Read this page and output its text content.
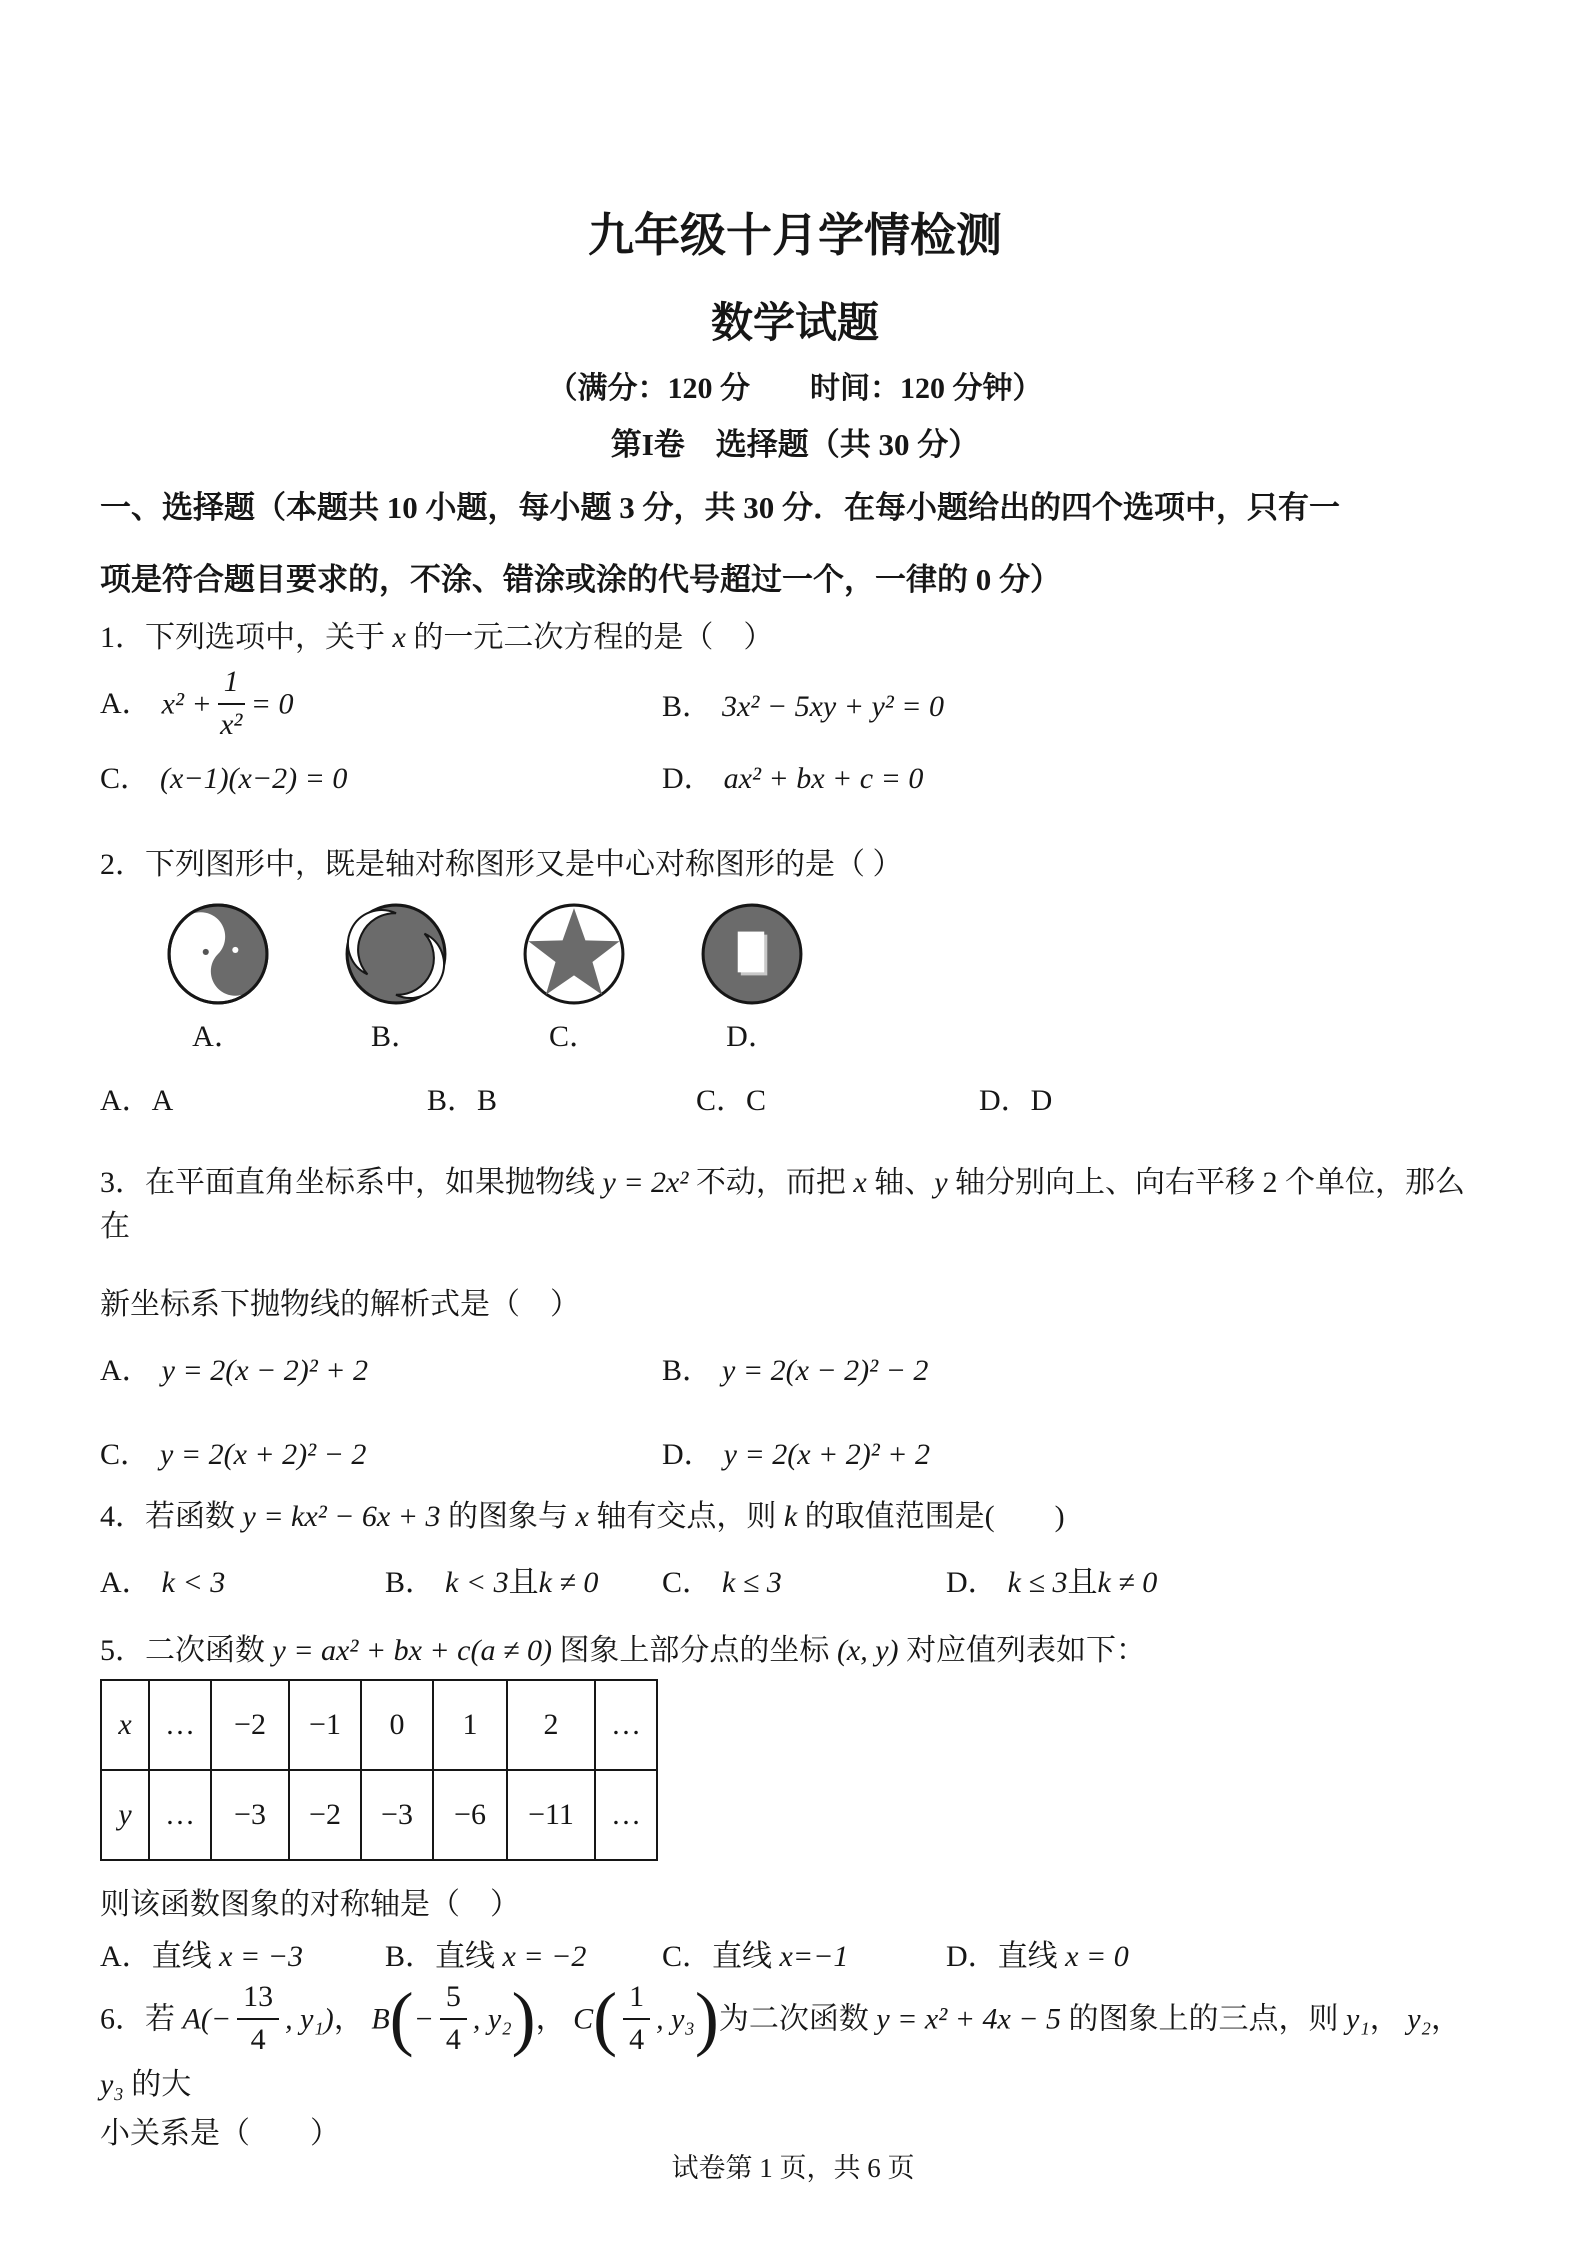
九年级十月学情检测
数学试题
（满分：120 分　　时间：120 分钟）
第I卷　选择题（共 30 分）
一、选择题（本题共 10 小题，每小题 3 分，共 30 分．在每小题给出的四个选项中，只有一
项是符合题目要求的，不涂、错涂或涂的代号超过一个，一律的 0 分）
1．下列选项中，关于 x 的一元二次方程的是（　）
A． $x^2 + \frac{1}{\text{x²}} = 0$	B． 3x² − 5xy + y² = 0
C． (x−1)(x−2) = 0	D． ax² + bx + c = 0
2．下列图形中，既是轴对称图形又是中心对称图形的是（ ）
A．	B．	C．	D．
A．A	B．B	C．C	D．D
3．在平面直角坐标系中，如果抛物线 y = 2x² 不动，而把 x 轴、y 轴分别向上、向右平移 2 个单位，那么在
新坐标系下抛物线的解析式是（　）
A． y = 2(x − 2)² + 2	B． y = 2(x − 2)² − 2
C． y = 2(x + 2)² − 2	D． y = 2(x + 2)² + 2
4．若函数 y = kx² − 6x + 3 的图象与 x 轴有交点，则 k 的取值范围是(　　)
A． k < 3	B． k < 3且k ≠ 0	C． k ≤ 3	D． k ≤ 3且k ≠ 0
5．二次函数 y = ax² + bx + c(a ≠ 0) 图象上部分点的坐标 (x, y) 对应值列表如下：
x	…	−2	−1	0	1	2	…
y	…	−3	−2	−3	−6	−11	…
则该函数图象的对称轴是（　）
A．直线 x = −3	B．直线 x = −2	C．直线 x=−1	D．直线 x = 0
6．若 $A(- \frac{13}{4}$ , y₁)， $B(- \frac{5}{4}$ , y₂)， $C( \frac{1}{4}$ , y₃)为二次函数 y = x² + 4x − 5 的图象上的三点，则 y₁， y₂， y₃ 的大
小关系是（　　）
试卷第 1 页，共 6 页
